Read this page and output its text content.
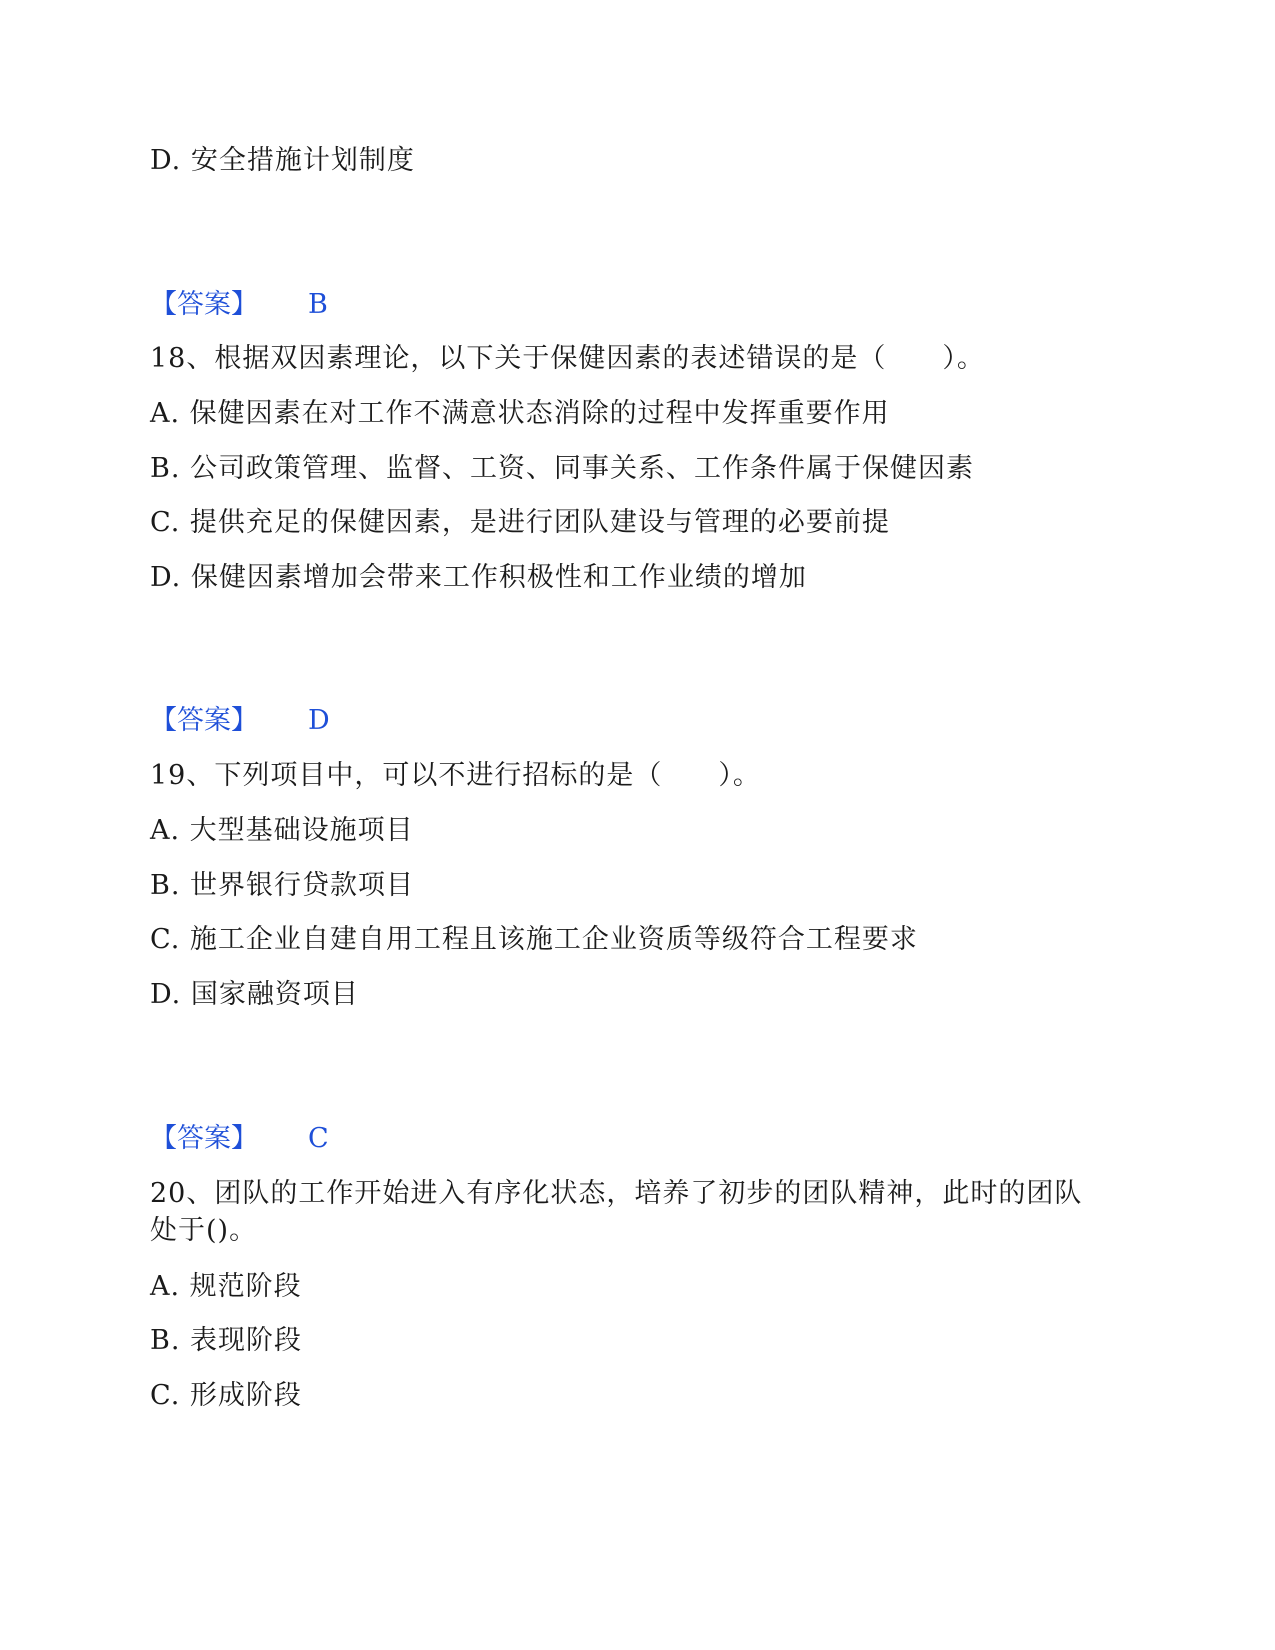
D. 安全措施计划制度
【答案】 B
18、根据双因素理论，以下关于保健因素的表述错误的是（　　）。
A. 保健因素在对工作不满意状态消除的过程中发挥重要作用
B. 公司政策管理、监督、工资、同事关系、工作条件属于保健因素
C. 提供充足的保健因素，是进行团队建设与管理的必要前提
D. 保健因素增加会带来工作积极性和工作业绩的增加
【答案】 D
19、下列项目中，可以不进行招标的是（　　）。
A. 大型基础设施项目
B. 世界银行贷款项目
C. 施工企业自建自用工程且该施工企业资质等级符合工程要求
D. 国家融资项目
【答案】 C
20、团队的工作开始进入有序化状态，培养了初步的团队精神，此时的团队
处于()。
A. 规范阶段
B. 表现阶段
C. 形成阶段
